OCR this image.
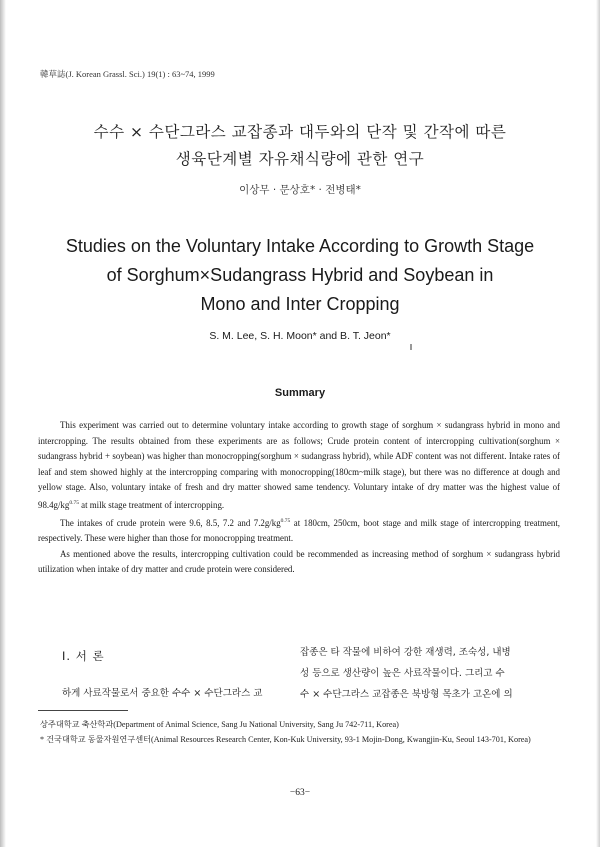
韓草誌(J. Korean Grassl. Sci.) 19(1) : 63~74, 1999
수수 × 수단그라스 교잡종과 대두와의 단작 및 간작에 따른
생육단계별 자유채식량에 관한 연구
이상무 · 문상호* · 전병태*
Studies on the Voluntary Intake According to Growth Stage
of Sorghum×Sudangrass Hybrid and Soybean in
Mono and Inter Cropping
S. M. Lee, S. H. Moon* and B. T. Jeon*
Summary

This experiment was carried out to determine voluntary intake according to growth stage of sorghum × sudangrass hybrid in mono and intercropping. The results obtained from these experiments are as follows; Crude protein content of intercropping cultivation(sorghum × sudangrass hybrid + soybean) was higher than monocropping(sorghum × sudangrass hybrid), while ADF content was not different. Intake rates of leaf and stem showed highly at the intercropping comparing with monocropping(180cm~milk stage), but there was no difference at dough and yellow stage. Also, voluntary intake of fresh and dry matter showed same tendency. Voluntary intake of dry matter was the highest value of $98.4g/kg^{0.75}$ at milk stage treatment of intercropping.

The intakes of crude protein were 9.6, 8.5, 7.2 and $7.2g/kg^{0.75}$ at 180cm, 250cm, boot stage and milk stage of intercropping treatment, respectively. These were higher than those for monocropping treatment.

As mentioned above the results, intercropping cultivation could be recommended as increasing method of sorghum × sudangrass hybrid utilization when intake of dry matter and crude protein were considered.

Ⅰ. 서 론
하게 사료작물로서 중요한 수수 × 수단그라스 교
잡종은 타 작물에 비하여 강한 재생력, 조숙성, 내병
성 등으로 생산량이 높은 사료작물이다. 그리고 수
수 × 수단그라스 교잡종은 북방형 목초가 고온에 의
상주대학교 축산학과(Department of Animal Science, Sang Ju National University, Sang Ju 742-711, Korea)
* 건국대학교 동물자원연구센터(Animal Resources Research Center, Kon-Kuk University, 93-1 Mojin-Dong, Kwangjin-Ku, Seoul 143-701, Korea)
−63−
